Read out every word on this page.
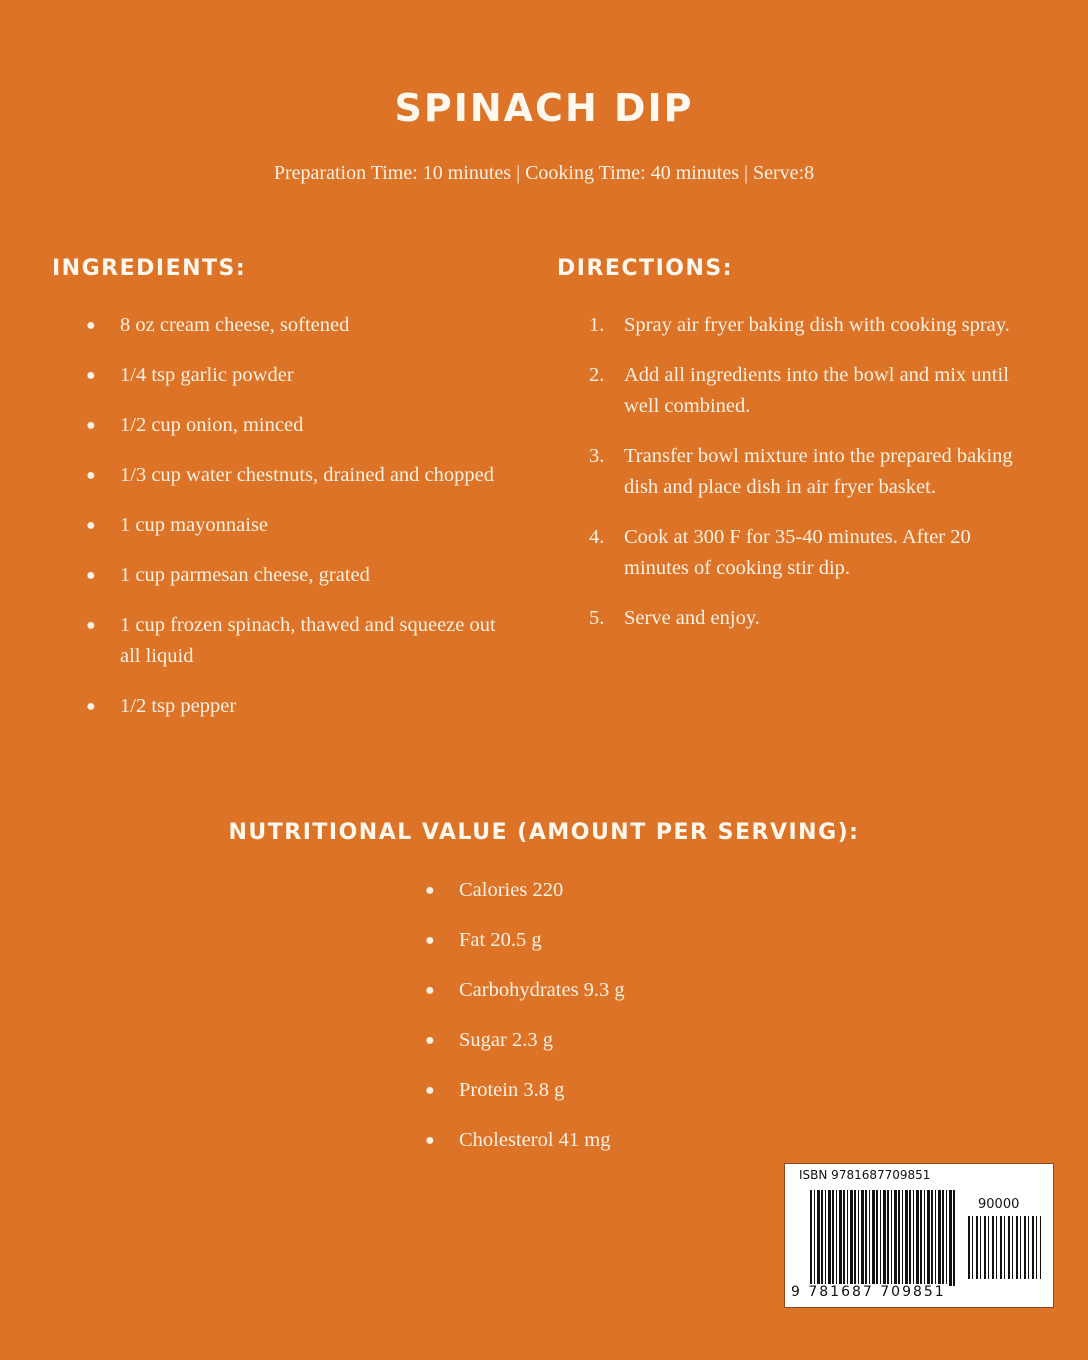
SPINACH DIP
Preparation Time: 10 minutes | Cooking Time: 40 minutes | Serve:8
INGREDIENTS:
● 8 oz cream cheese, softened
● 1/4 tsp garlic powder
● 1/2 cup onion, minced
● 1/3 cup water chestnuts, drained and chopped
● 1 cup mayonnaise
● 1 cup parmesan cheese, grated
● 1 cup frozen spinach, thawed and squeeze out all liquid
● 1/2 tsp pepper
DIRECTIONS:
1. Spray air fryer baking dish with cooking spray.
2. Add all ingredients into the bowl and mix until well combined.
3. Transfer bowl mixture into the prepared baking dish and place dish in air fryer basket.
4. Cook at 300 F for 35-40 minutes. After 20 minutes of cooking stir dip.
5. Serve and enjoy.
NUTRITIONAL VALUE (AMOUNT PER SERVING):
● Calories 220
● Fat 20.5 g
● Carbohydrates 9.3 g
● Sugar 2.3 g
● Protein 3.8 g
● Cholesterol 41 mg
ISBN 9781687709851
90000
9 781687 709851
